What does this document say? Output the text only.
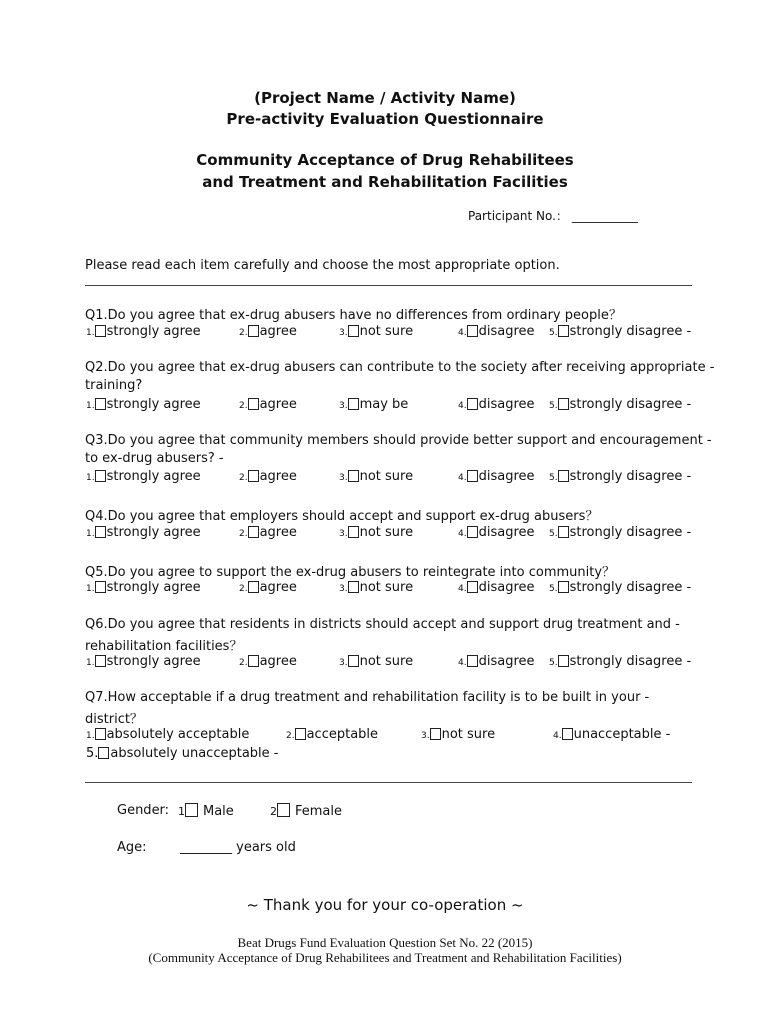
(Project Name / Activity Name)
Pre-activity Evaluation Questionnaire
Community Acceptance of Drug Rehabilitees
and Treatment and Rehabilitation Facilities
Participant No.： ___________
Please read each item carefully and choose the most appropriate option.
Q1.Do you agree that ex-drug abusers have no differences from ordinary people？
1. strongly agree	2. agree	3. not sure	4. disagree 5. strongly disagree -
Q2.Do you agree that ex-drug abusers can contribute to the society after receiving appropriate -
training?
1. strongly agree	2. agree	3. may be	4. disagree 5. strongly disagree -
Q3.Do you agree that community members should provide better support and encouragement -
to ex-drug abusers? -
1. strongly agree	2. agree	3. not sure	4. disagree 5. strongly disagree -
Q4.Do you agree that employers should accept and support ex-drug abusers？
1. strongly agree	2. agree	3. not sure	4. disagree 5. strongly disagree -
Q5.Do you agree to support the ex-drug abusers to reintegrate into community？
1. strongly agree	2. agree	3. not sure	4. disagree 5. strongly disagree -
Q6.Do you agree that residents in districts should accept and support drug treatment and -
rehabilitation facilities？
1. strongly agree	2. agree	3. not sure	4. disagree 5. strongly disagree -
Q7.How acceptable if a drug treatment and rehabilitation facility is to be built in your -
district？
1. absolutely acceptable	2. acceptable	3. not sure	4. unacceptable -
5. absolutely unacceptable -
Gender: 1 Male	2 Female
Age:	________ years old
~ Thank you for your co-operation ~
Beat Drugs Fund Evaluation Question Set No. 22 (2015)
(Community Acceptance of Drug Rehabilitees and Treatment and Rehabilitation Facilities)
